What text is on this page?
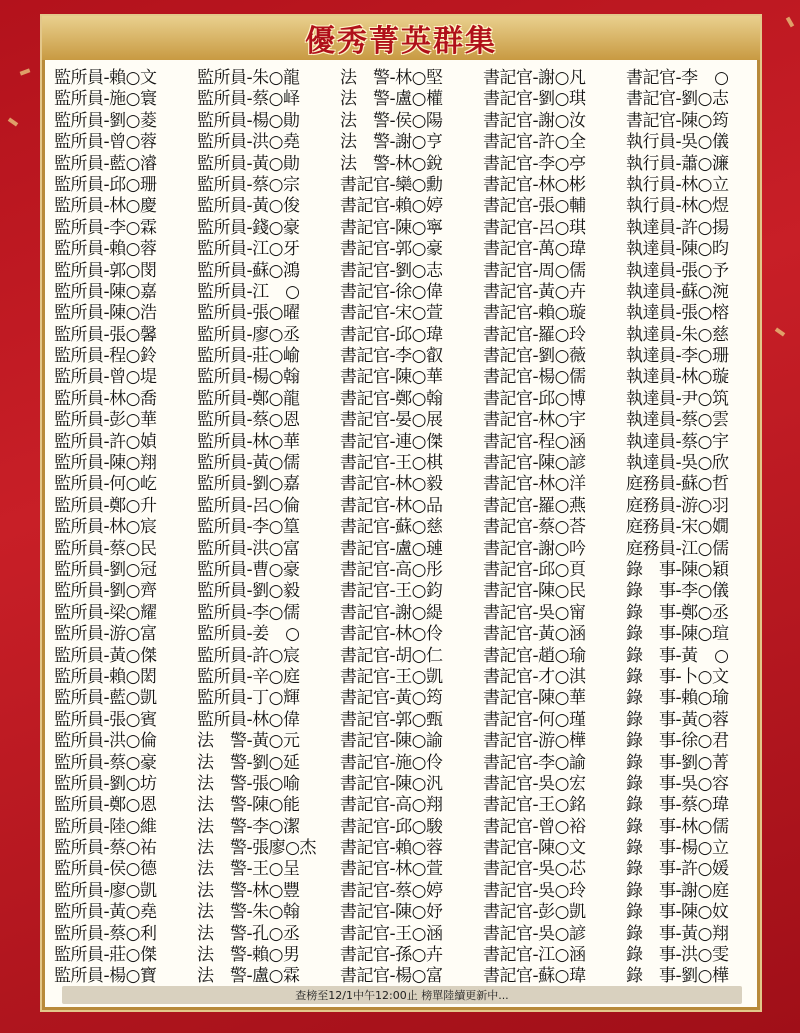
優秀菁英群集
監所員-賴○文
監所員-施○寰
監所員-劉○菱
監所員-曾○蓉
監所員-藍○濬
監所員-邱○珊
監所員-林○慶
監所員-李○霖
監所員-賴○蓉
監所員-郭○閔
監所員-陳○嘉
監所員-陳○浩
監所員-張○馨
監所員-程○鈴
監所員-曾○堤
監所員-林○喬
監所員-彭○華
監所員-許○媜
監所員-陳○翔
監所員-何○屹
監所員-鄭○升
監所員-林○宸
監所員-蔡○民
監所員-劉○冠
監所員-劉○齊
監所員-梁○耀
監所員-游○富
監所員-黃○傑
監所員-賴○閎
監所員-藍○凱
監所員-張○賓
監所員-洪○倫
監所員-蔡○豪
監所員-劉○坊
監所員-鄭○恩
監所員-陸○維
監所員-蔡○祐
監所員-侯○德
監所員-廖○凱
監所員-黃○堯
監所員-蔡○利
監所員-莊○傑
監所員-楊○寶
監所員-朱○龍
監所員-蔡○峄
監所員-楊○勛
監所員-洪○堯
監所員-黃○勛
監所員-蔡○宗
監所員-黃○俊
監所員-錢○豪
監所員-江○牙
監所員-蘇○鴻
監所員-江　○
監所員-張○曜
監所員-廖○丞
監所員-莊○崳
監所員-楊○翰
監所員-鄭○龍
監所員-蔡○恩
監所員-林○華
監所員-黃○儒
監所員-劉○嘉
監所員-呂○倫
監所員-李○篁
監所員-洪○富
監所員-曹○豪
監所員-劉○毅
監所員-李○儒
監所員-姜　○
監所員-許○宸
監所員-辛○庭
監所員-丁○輝
監所員-林○偉
法　警-黃○元
法　警-劉○延
法　警-張○喻
法　警-陳○能
法　警-李○潔
法　警-張廖○杰
法　警-王○呈
法　警-林○豐
法　警-朱○翰
法　警-孔○丞
法　警-賴○男
法　警-盧○霖
法　警-林○堅
法　警-盧○權
法　警-侯○陽
法　警-謝○亨
法　警-林○銳
書記官-欒○勳
書記官-賴○婷
書記官-陳○寧
書記官-郭○豪
書記官-劉○志
書記官-徐○偉
書記官-宋○萱
書記官-邱○瑋
書記官-李○叡
書記官-陳○華
書記官-鄭○翰
書記官-晏○展
書記官-連○傑
書記官-王○棋
書記官-林○毅
書記官-林○品
書記官-蘇○慈
書記官-盧○璉
書記官-高○彤
書記官-王○鈞
書記官-謝○緹
書記官-林○伶
書記官-胡○仁
書記官-王○凱
書記官-黃○筠
書記官-郭○甄
書記官-陳○諭
書記官-施○伶
書記官-陳○汎
書記官-高○翔
書記官-邱○駿
書記官-賴○蓉
書記官-林○萱
書記官-蔡○婷
書記官-陳○妤
書記官-王○涵
書記官-孫○卉
書記官-楊○富
書記官-謝○凡
書記官-劉○琪
書記官-謝○汝
書記官-許○全
書記官-李○亭
書記官-林○彬
書記官-張○輔
書記官-呂○琪
書記官-萬○瑋
書記官-周○儒
書記官-黃○卉
書記官-賴○璇
書記官-羅○玲
書記官-劉○薇
書記官-楊○儒
書記官-邱○博
書記官-林○宇
書記官-程○涵
書記官-陳○諺
書記官-林○洋
書記官-羅○燕
書記官-蔡○荅
書記官-謝○吟
書記官-邱○頁
書記官-陳○民
書記官-吳○甯
書記官-黃○涵
書記官-趙○瑜
書記官-才○淇
書記官-陳○華
書記官-何○瑾
書記官-游○樺
書記官-李○諭
書記官-吳○宏
書記官-王○銘
書記官-曾○裕
書記官-陳○文
書記官-吳○芯
書記官-吳○玲
書記官-彭○凱
書記官-吳○諺
書記官-江○涵
書記官-蘇○瑋
書記官-李　○
書記官-劉○志
書記官-陳○筠
執行員-吳○儀
執行員-蕭○濂
執行員-林○立
執行員-林○煜
執達員-許○揚
執達員-陳○昀
執達員-張○予
執達員-蘇○涴
執達員-張○榕
執達員-朱○慈
執達員-李○珊
執達員-林○璇
執達員-尹○筑
執達員-蔡○雲
執達員-蔡○宇
執達員-吳○欣
庭務員-蘇○哲
庭務員-游○羽
庭務員-宋○嫺
庭務員-江○儒
錄　事-陳○穎
錄　事-李○儀
錄　事-鄭○丞
錄　事-陳○瑄
錄　事-黃　○
錄　事-卜○文
錄　事-賴○瑜
錄　事-黃○蓉
錄　事-徐○君
錄　事-劉○菁
錄　事-吳○容
錄　事-蔡○瑋
錄　事-林○儒
錄　事-楊○立
錄　事-許○媛
錄　事-謝○庭
錄　事-陳○妏
錄　事-黃○翔
錄　事-洪○雯
錄　事-劉○樺
查榜至12/1中午12:00止 榜單陸續更新中...
